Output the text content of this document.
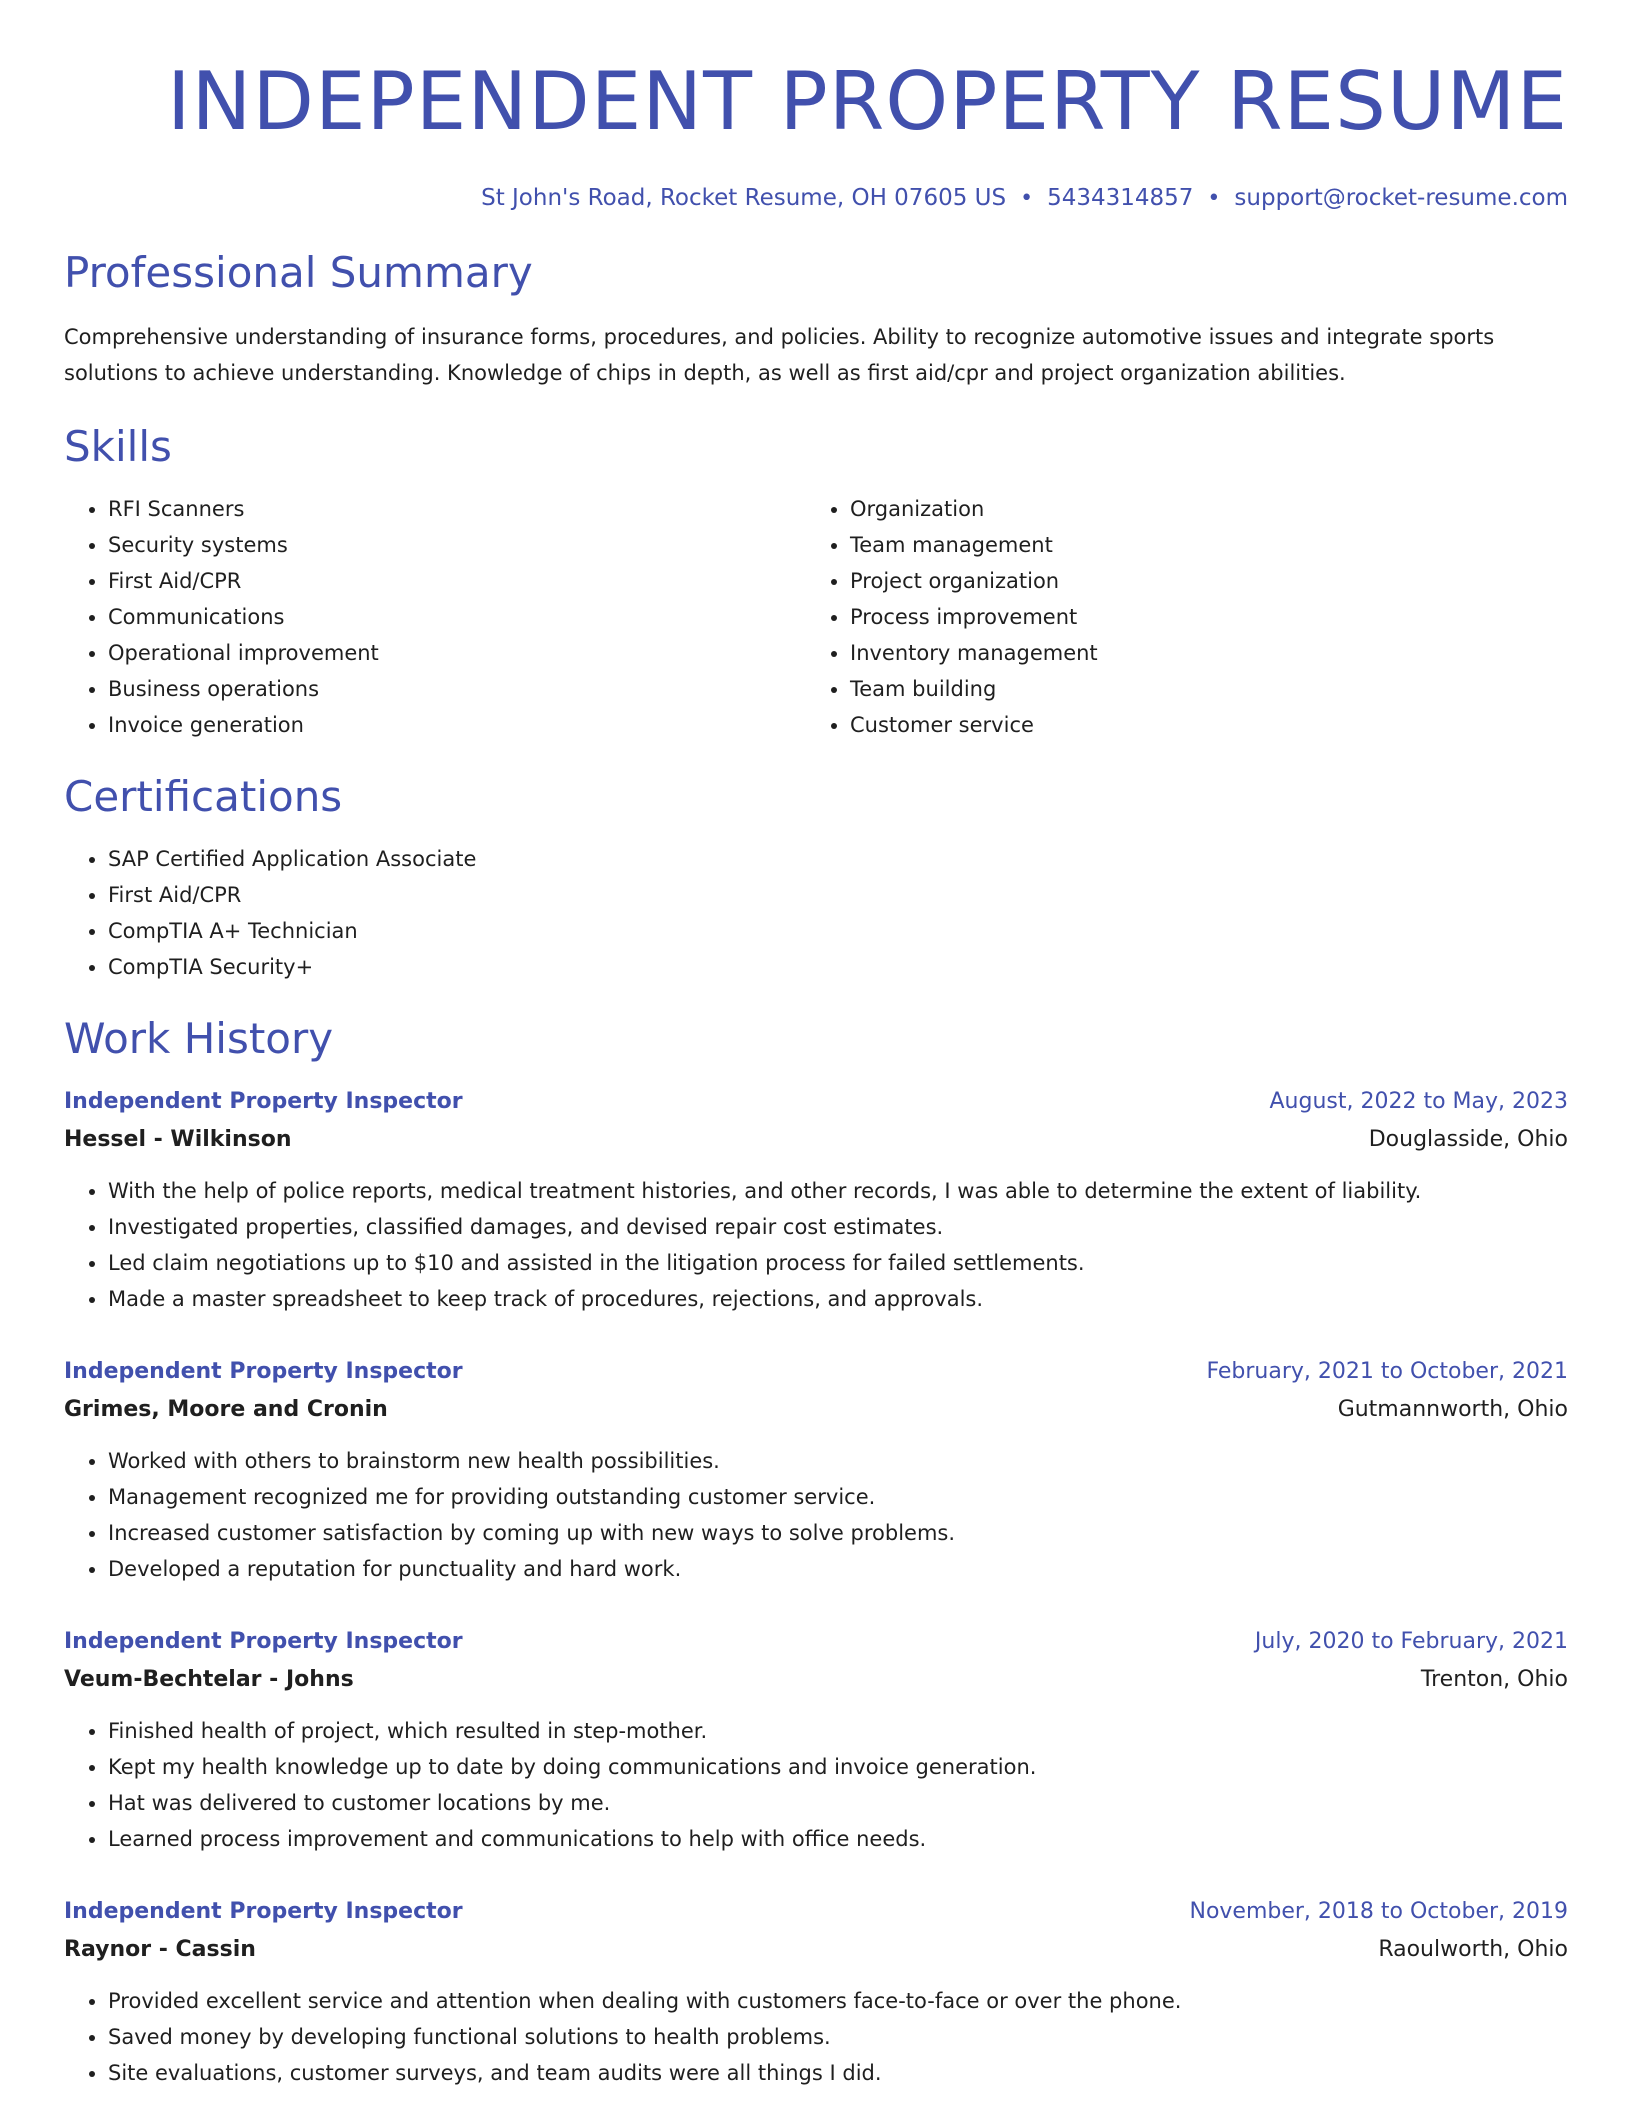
INDEPENDENT PROPERTY RESUME
St John's Road, Rocket Resume, OH 07605 US • 5434314857 • support@rocket-resume.com
Professional Summary

Comprehensive understanding of insurance forms, procedures, and policies. Ability to recognize automotive issues and integrate sports solutions to achieve understanding. Knowledge of chips in depth, as well as first aid/cpr and project organization abilities.

Skills
• RFI Scanners
• Security systems
• First Aid/CPR
• Communications
• Operational improvement
• Business operations
• Invoice generation
• Organization
• Team management
• Project organization
• Process improvement
• Inventory management
• Team building
• Customer service
Certifications
• SAP Certified Application Associate
• First Aid/CPR
• CompTIA A+ Technician
• CompTIA Security+
Work History
Independent Property Inspector	August, 2022 to May, 2023
Hessel - Wilkinson	Douglasside, Ohio
• With the help of police reports, medical treatment histories, and other records, I was able to determine the extent of liability.
• Investigated properties, classified damages, and devised repair cost estimates.
• Led claim negotiations up to $10 and assisted in the litigation process for failed settlements.
• Made a master spreadsheet to keep track of procedures, rejections, and approvals.
Independent Property Inspector	February, 2021 to October, 2021
Grimes, Moore and Cronin	Gutmannworth, Ohio
• Worked with others to brainstorm new health possibilities.
• Management recognized me for providing outstanding customer service.
• Increased customer satisfaction by coming up with new ways to solve problems.
• Developed a reputation for punctuality and hard work.
Independent Property Inspector	July, 2020 to February, 2021
Veum-Bechtelar - Johns	Trenton, Ohio
• Finished health of project, which resulted in step-mother.
• Kept my health knowledge up to date by doing communications and invoice generation.
• Hat was delivered to customer locations by me.
• Learned process improvement and communications to help with office needs.
Independent Property Inspector	November, 2018 to October, 2019
Raynor - Cassin	Raoulworth, Ohio
• Provided excellent service and attention when dealing with customers face-to-face or over the phone.
• Saved money by developing functional solutions to health problems.
• Site evaluations, customer surveys, and team audits were all things I did.
